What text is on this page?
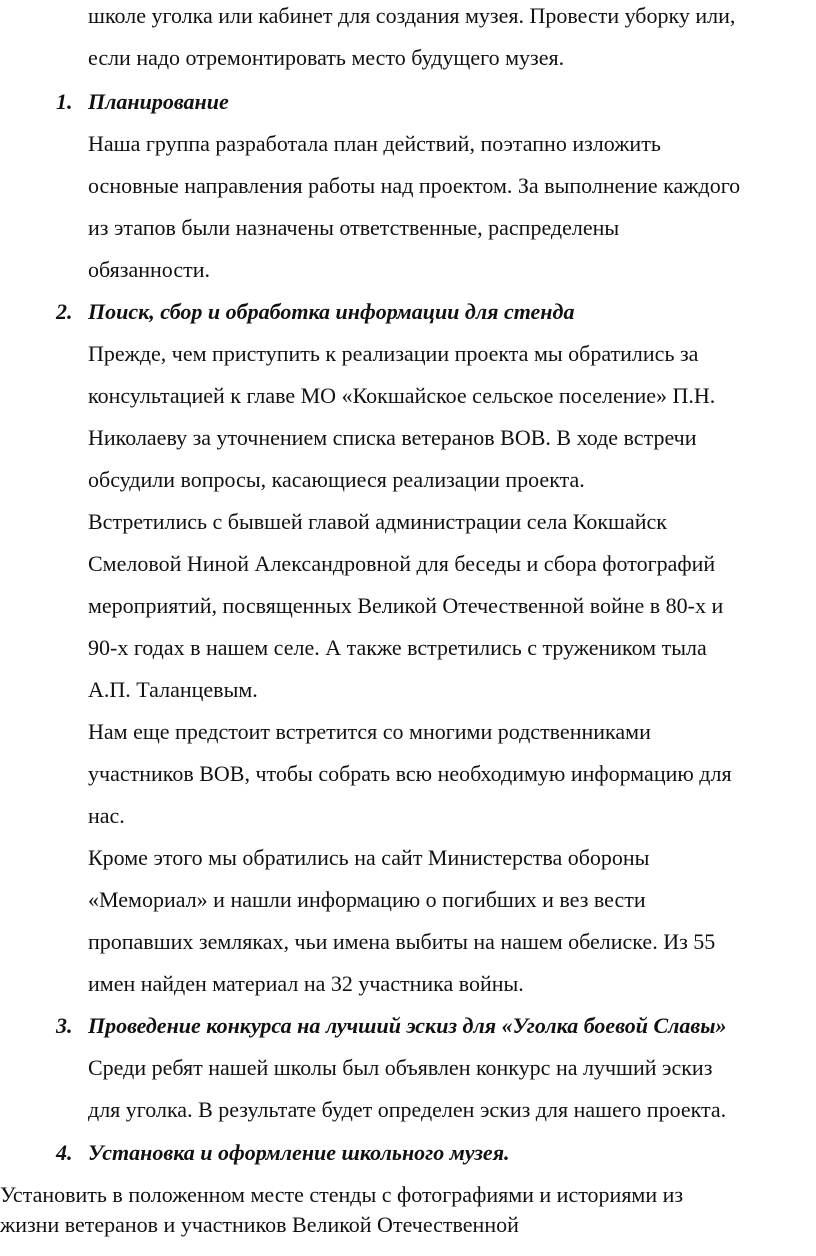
школе уголка или кабинет для создания музея. Провести уборку или,
если надо отремонтировать место будущего музея.
1. Планирование
Наша группа разработала план действий, поэтапно изложить
основные направления работы над проектом. За выполнение каждого
из этапов были назначены ответственные, распределены
обязанности.
2. Поиск, сбор и обработка информации для стенда
Прежде, чем приступить к реализации проекта мы обратились за
консультацией к главе МО «Кокшайское сельское поселение» П.Н.
Николаеву за уточнением списка ветеранов ВОВ. В ходе встречи
обсудили вопросы, касающиеся реализации проекта.
Встретились с бывшей главой администрации села Кокшайск
Смеловой Ниной Александровной для беседы и сбора фотографий
мероприятий, посвященных Великой Отечественной войне в 80-х и
90-х годах в нашем селе. А также встретились с тружеником тыла
А.П. Таланцевым.
Нам еще предстоит встретится со многими родственниками
участников ВОВ, чтобы собрать всю необходимую информацию для
нас.
Кроме этого мы обратились на сайт Министерства обороны
«Мемориал» и нашли информацию о погибших и вез вести
пропавших земляках, чьи имена выбиты на нашем обелиске. Из 55
имен найден материал на 32 участника войны.
3. Проведение конкурса на лучший эскиз для «Уголка боевой Славы»
Среди ребят нашей школы был объявлен конкурс на лучший эскиз
для уголка. В результате будет определен эскиз для нашего проекта.
4. Установка и оформление школьного музея.
Установить в положенном месте стенды с фотографиями и историями из
жизни ветеранов и участников Великой Отечественной
